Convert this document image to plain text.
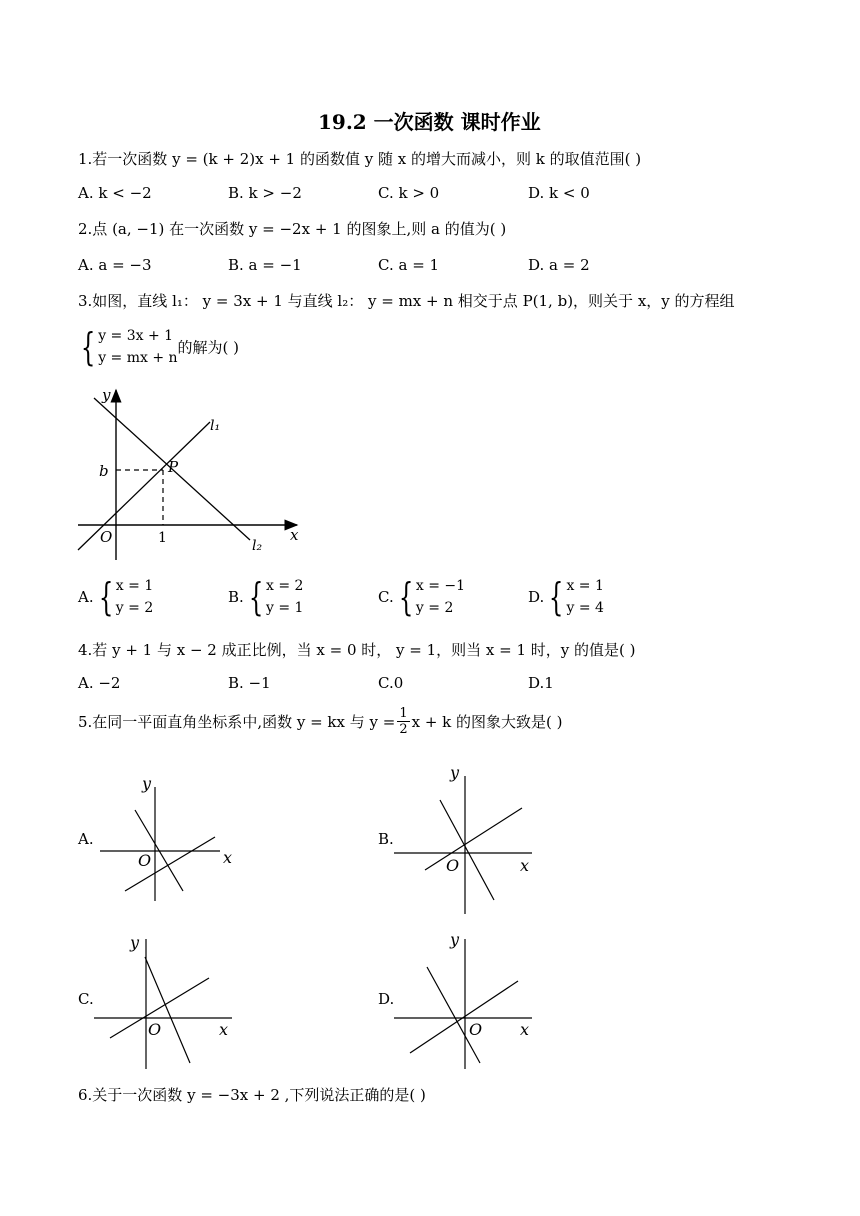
19.2 一次函数 课时作业
1.若一次函数 y = (k + 2)x + 1 的函数值 y 随 x 的增大而减小，则 k 的取值范围( )
A. k < −2	B. k > −2	C. k > 0	D. k < 0
2.点 (a, −1) 在一次函数 y = −2x + 1 的图象上,则 a 的值为( )
A. a = −3	B. a = −1	C. a = 1	D. a = 2
3.如图，直线 l₁： y = 3x + 1 与直线 l₂： y = mx + n 相交于点 P(1, b)，则关于 x，y 的方程组
{ y = 3x + 1
y = mx + n
的解为( )
y
x
O
b
1
P
l₁
l₂
A. { x = 1
y = 2
B. { x = 2
y = 1
C. { x = −1
y = 2
D. { x = 1
y = 4
4.若 y + 1 与 x − 2 成正比例，当 x = 0 时， y = 1，则当 x = 1 时，y 的值是( )
A. −2	B. −1	C.0	D.1
5.在同一平面直角坐标系中,函数 y = kx 与 $y = \frac{1}{2}$ x + k 的图象大致是( )
A.
y
x
O
B.
y
x
O
C.
y
x
O
D.
y
x
O
6.关于一次函数 y = −3x + 2 ,下列说法正确的是( )
